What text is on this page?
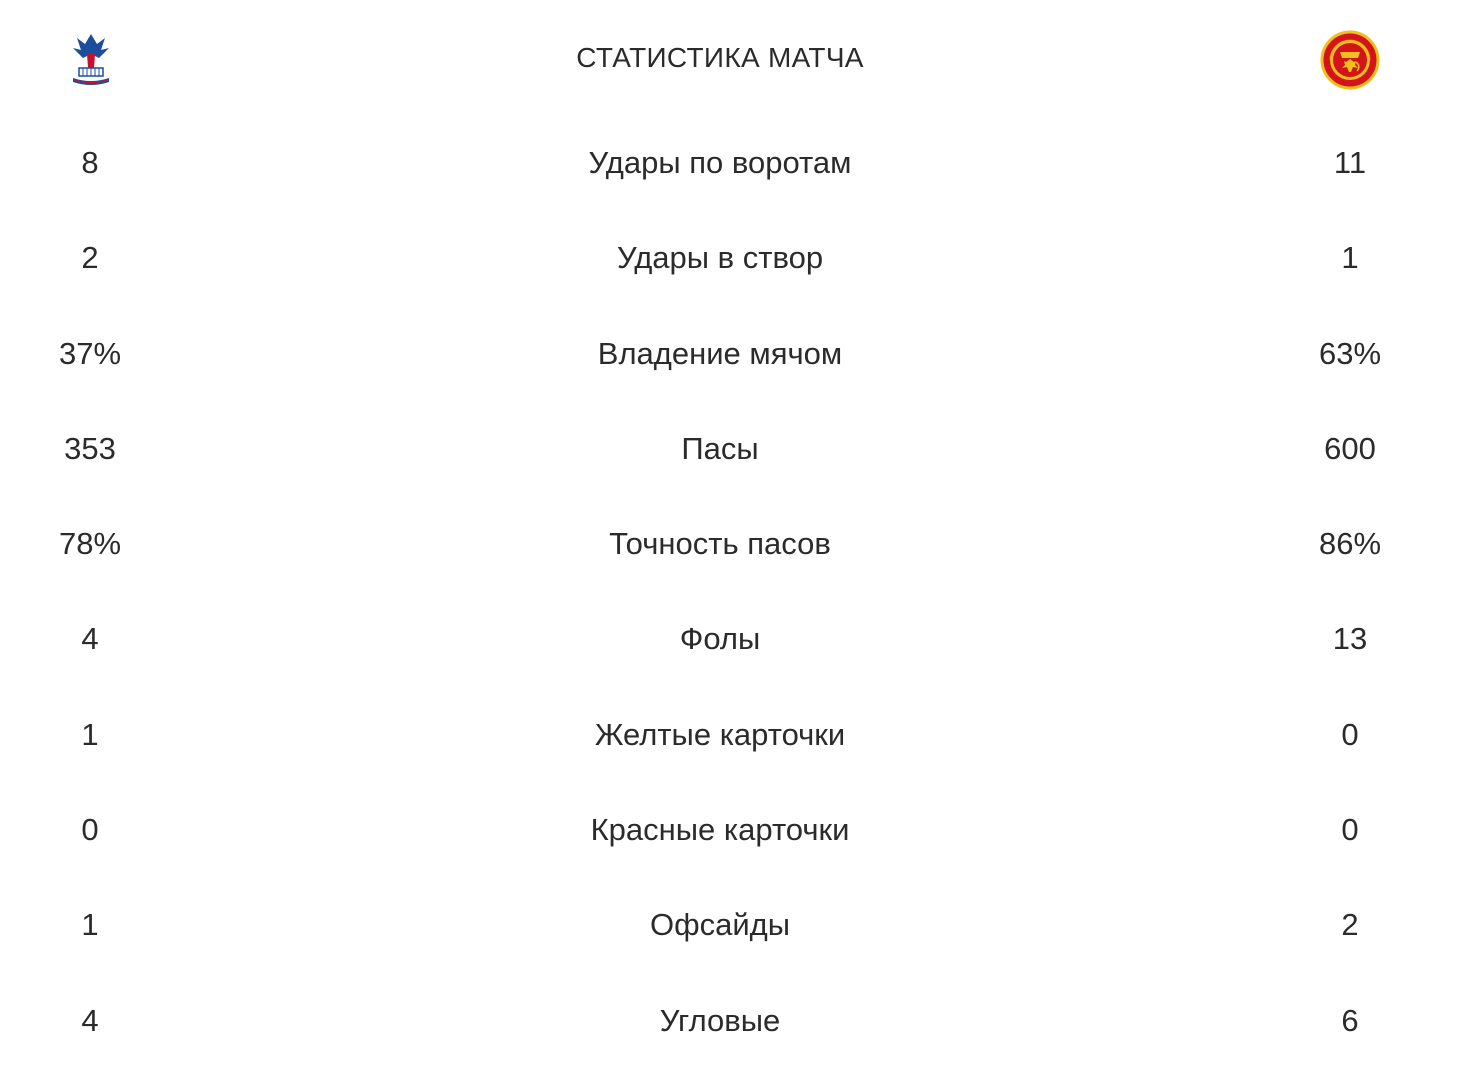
СТАТИСТИКА МАТЧА
8	Удары по воротам	11
2	Удары в створ	1
37%	Владение мячом	63%
353	Пасы	600
78%	Точность пасов	86%
4	Фолы	13
1	Желтые карточки	0
0	Красные карточки	0
1	Офсайды	2
4	Угловые	6
